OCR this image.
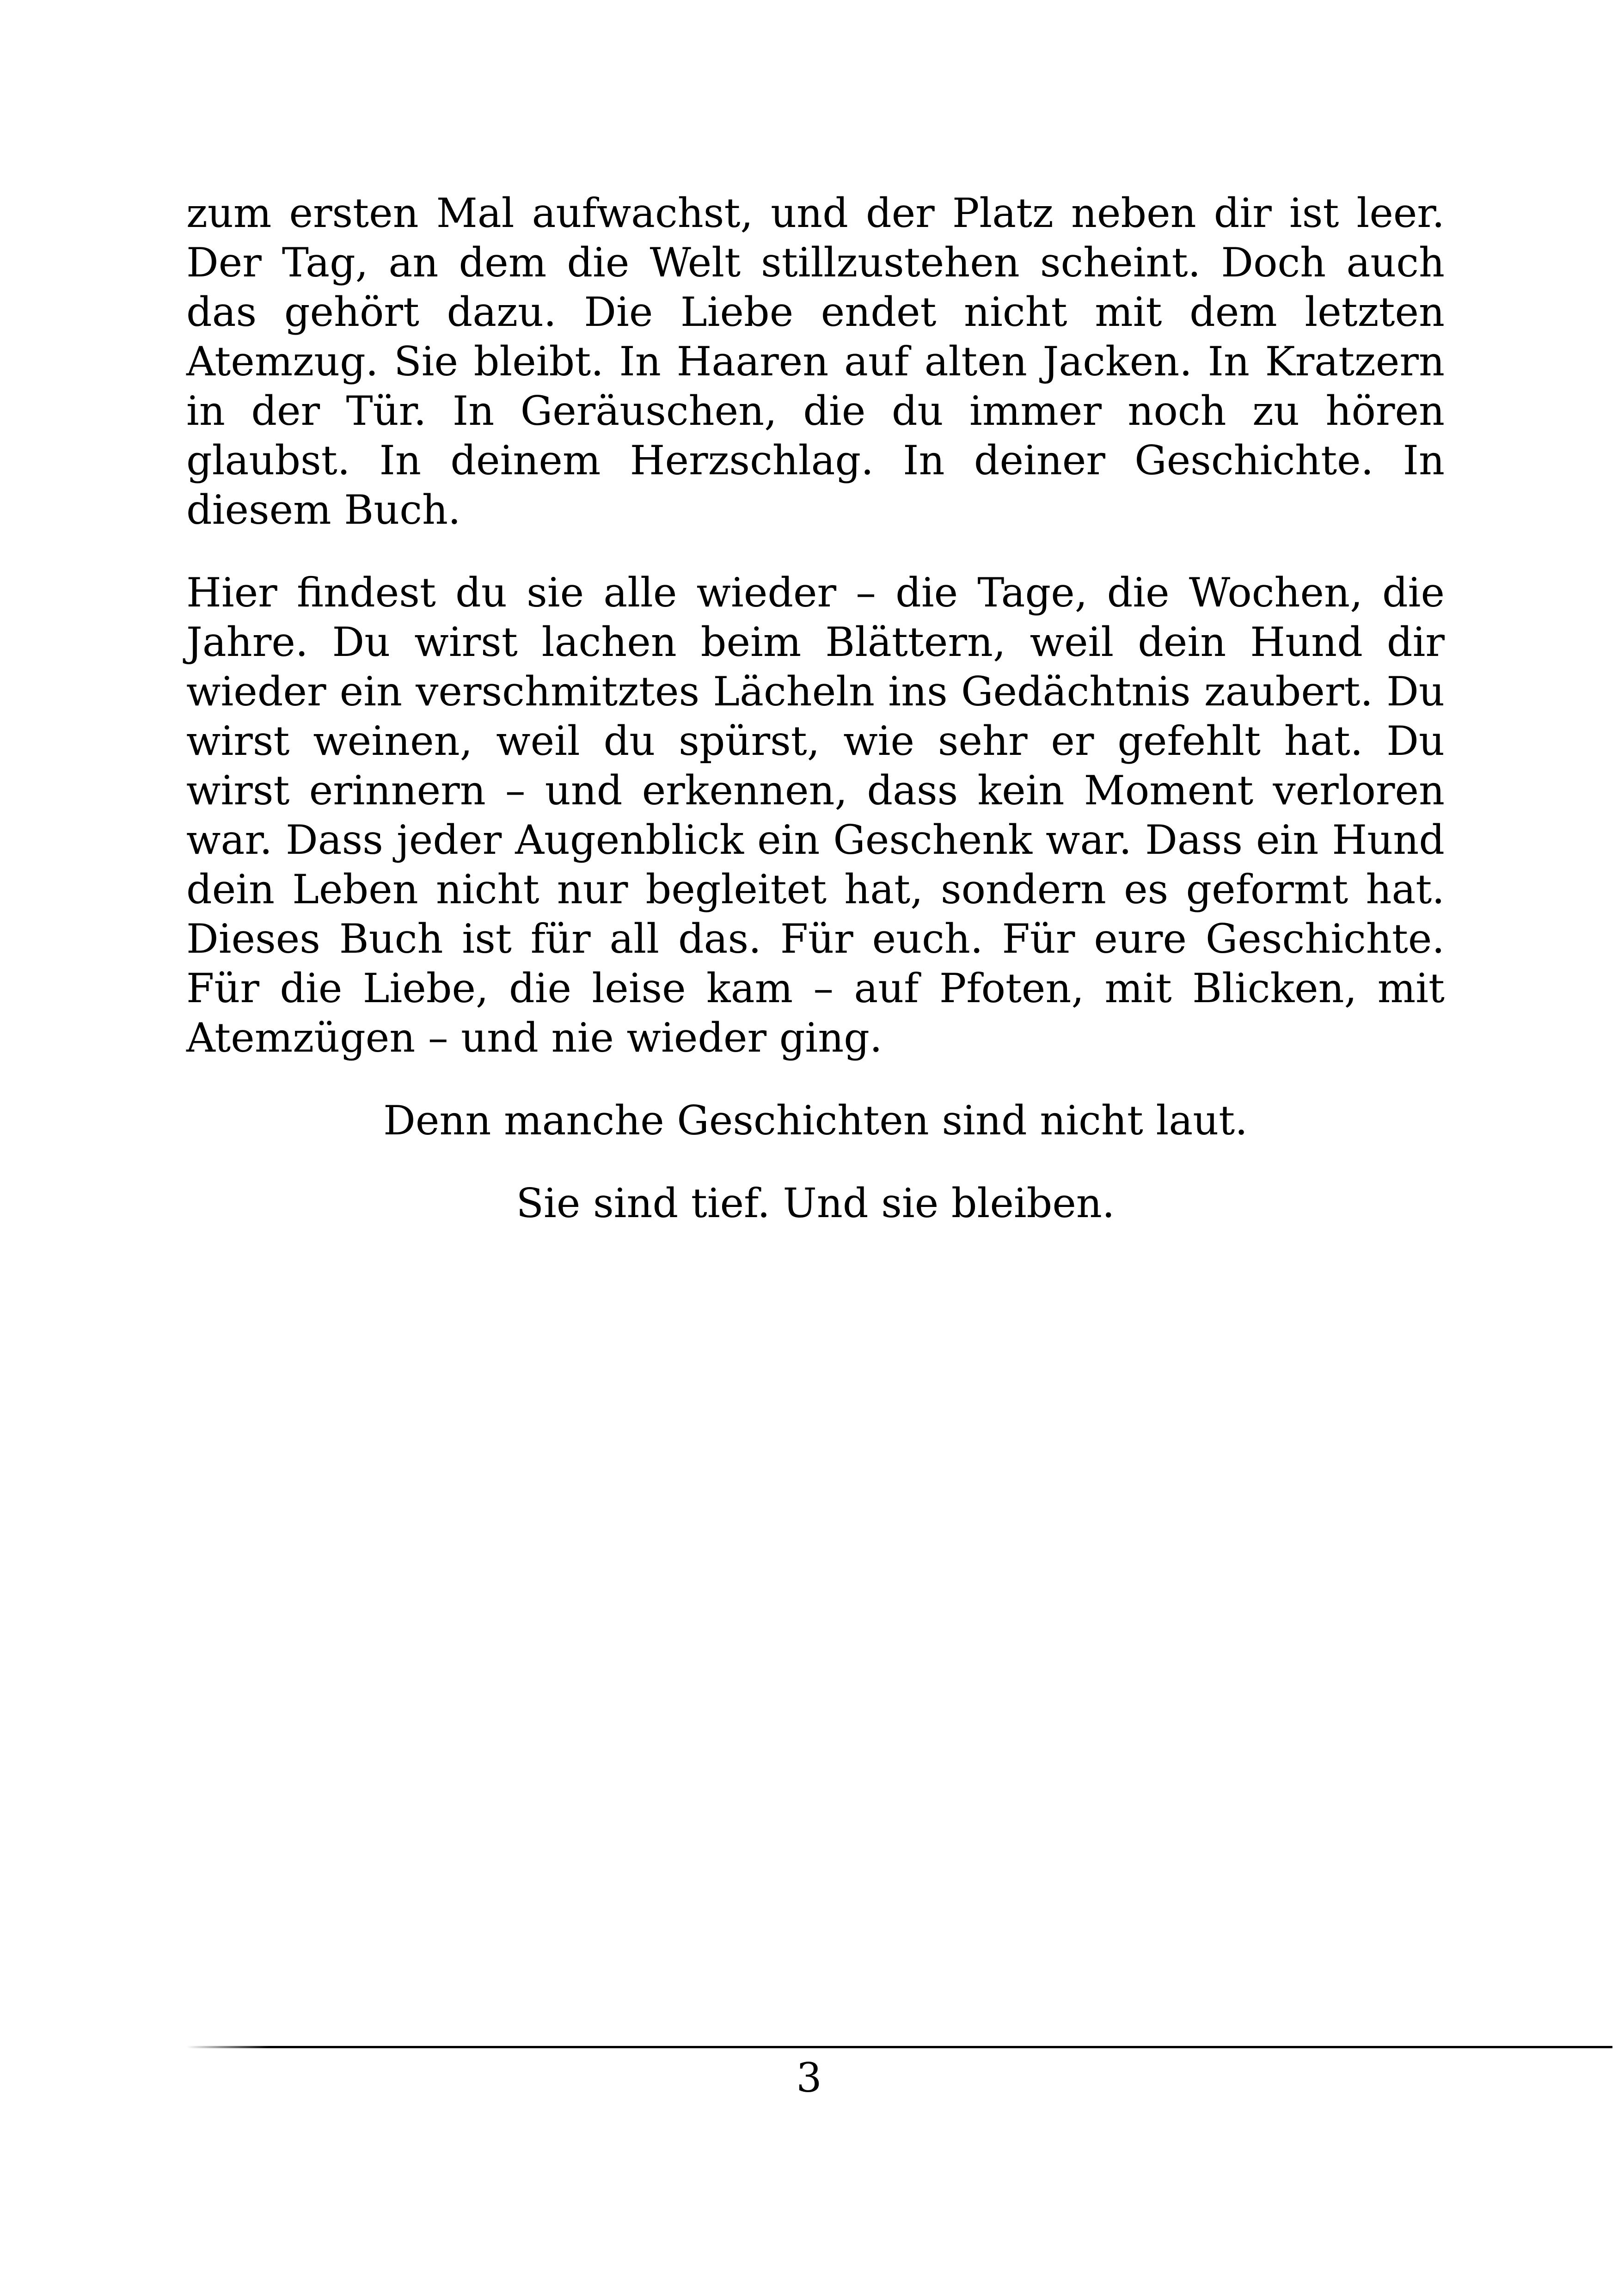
zum ersten Mal aufwachst, und der Platz neben dir ist leer. Der Tag, an dem die Welt stillzustehen scheint. Doch auch das gehört dazu. Die Liebe endet nicht mit dem letzten Atemzug. Sie bleibt. In Haaren auf alten Jacken. In Kratzern in der Tür. In Geräuschen, die du immer noch zu hören glaubst. In deinem Herzschlag. In deiner Geschichte. In diesem Buch.

Hier findest du sie alle wieder – die Tage, die Wochen, die Jahre. Du wirst lachen beim Blättern, weil dein Hund dir wieder ein verschmitztes Lächeln ins Gedächtnis zaubert. Du wirst weinen, weil du spürst, wie sehr er gefehlt hat. Du wirst erinnern – und erkennen, dass kein Moment verloren war. Dass jeder Augenblick ein Geschenk war. Dass ein Hund dein Leben nicht nur begleitet hat, sondern es geformt hat. Dieses Buch ist für all das. Für euch. Für eure Geschichte. Für die Liebe, die leise kam – auf Pfoten, mit Blicken, mit Atemzügen – und nie wieder ging.

Denn manche Geschichten sind nicht laut.

Sie sind tief. Und sie bleiben.

3
